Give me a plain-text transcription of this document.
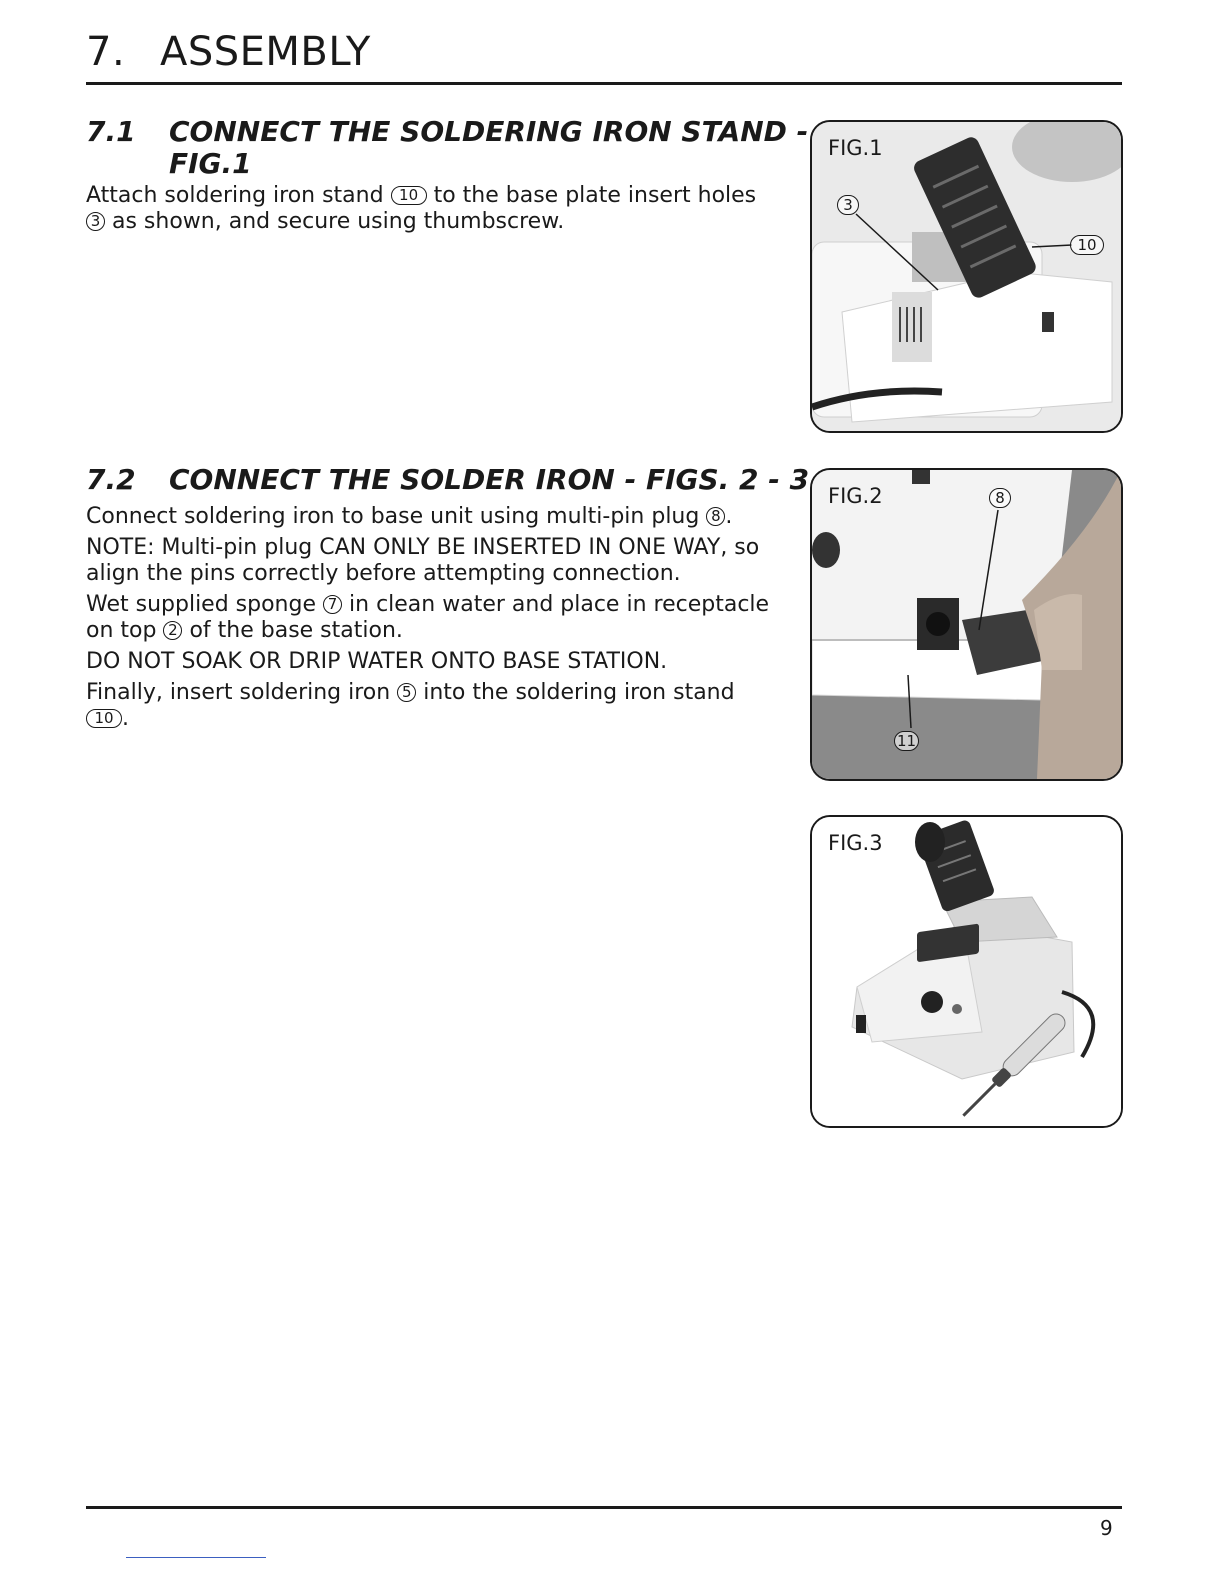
7. ASSEMBLY
7.1 CONNECT THE SOLDERING IRON STAND -
FIG.1

Attach soldering iron stand 10 to the base plate insert holes
3 as shown, and secure using thumbscrew.

7.2 CONNECT THE SOLDER IRON - FIGS. 2 - 3

Connect soldering iron to base unit using multi-pin plug 8 .

NOTE: Multi-pin plug CAN ONLY BE INSERTED IN ONE WAY, so align the pins correctly before attempting connection.

Wet supplied sponge 7 in clean water and place in receptacle on top 2 of the base station.

DO NOT SOAK OR DRIP WATER ONTO BASE STATION.

Finally, insert soldering iron 5 into the soldering iron stand
10 .

FIG.1
3
10
FIG.2	8
11
FIG.3
9
